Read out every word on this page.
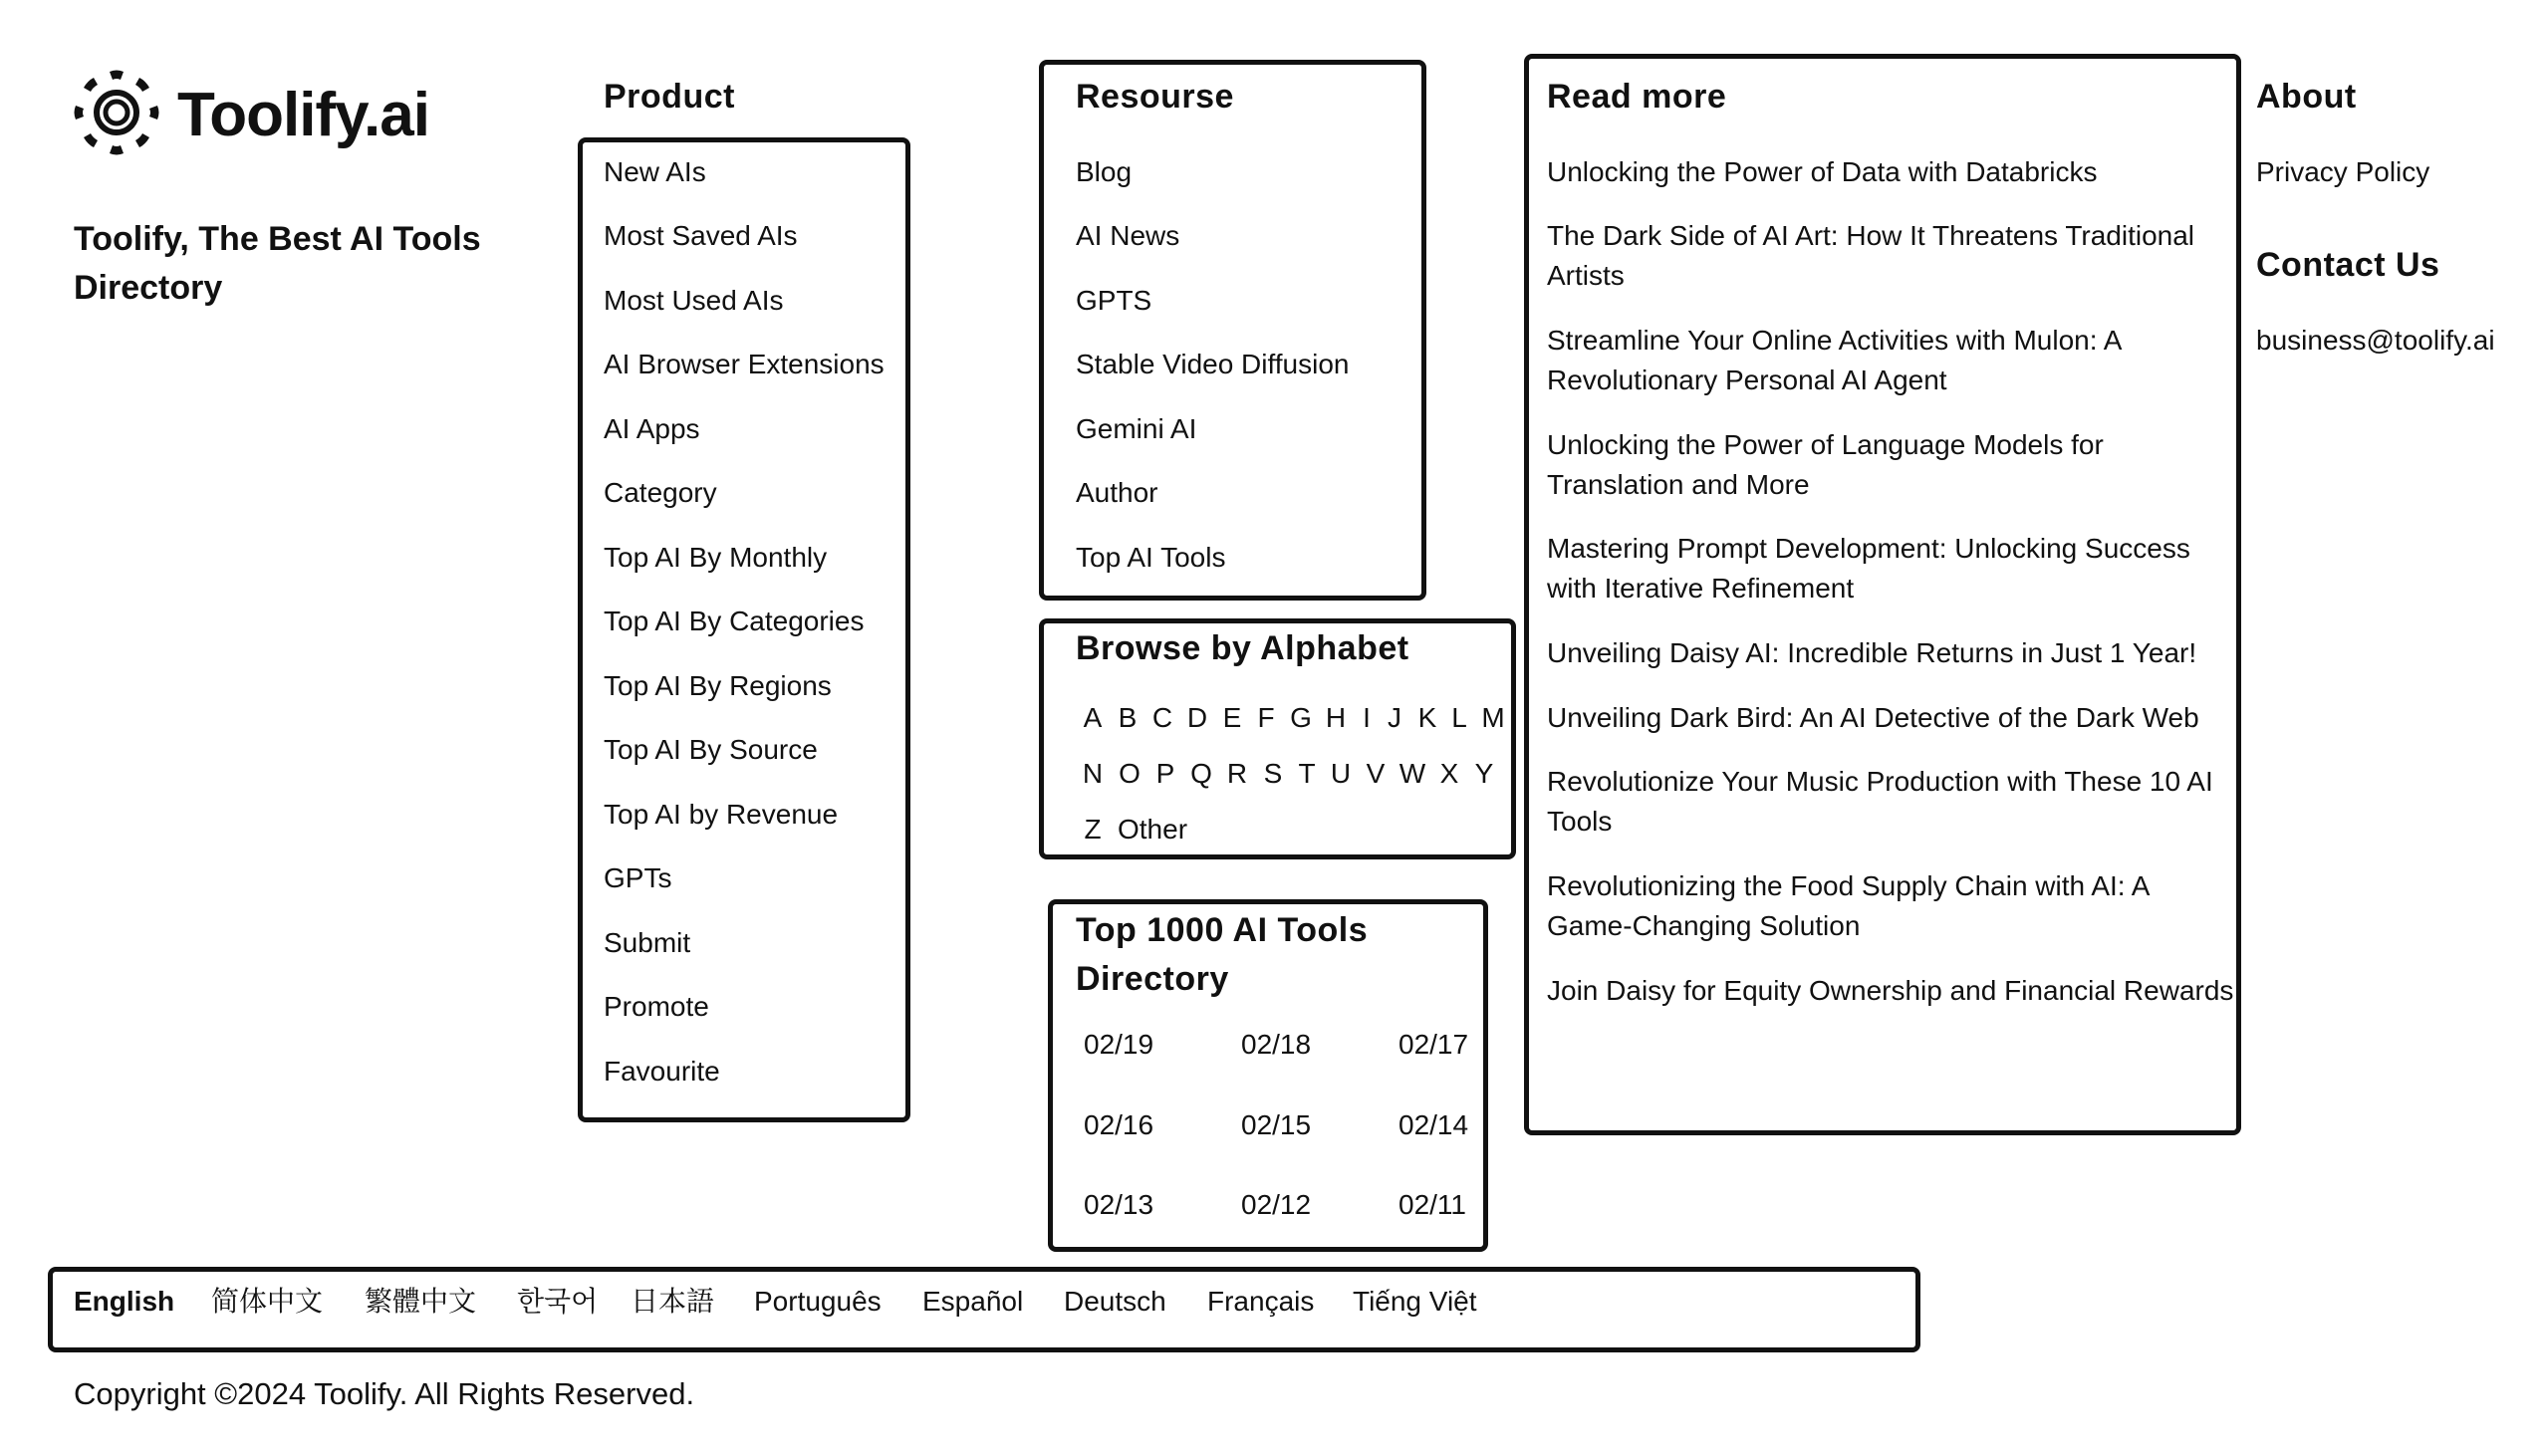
Toolify.ai
Toolify, The Best AI Tools Directory
Product
New AIs
Most Saved AIs
Most Used AIs
AI Browser Extensions
AI Apps
Category
Top AI By Monthly
Top AI By Categories
Top AI By Regions
Top AI By Source
Top AI by Revenue
GPTs
Submit
Promote
Favourite
Resourse
Blog
AI News
GPTS
Stable Video Diffusion
Gemini AI
Author
Top AI Tools
Browse by Alphabet
A B C D E F G H I J K L M
N O P Q R S T U V W X Y
Z Other
Top 1000 AI Tools Directory
02/19	02/18	02/17
02/16	02/15	02/14
02/13	02/12	02/11
Read more
Unlocking the Power of Data with Databricks
The Dark Side of AI Art: How It Threatens Traditional Artists
Streamline Your Online Activities with Mulon: A Revolutionary Personal AI Agent
Unlocking the Power of Language Models for Translation and More
Mastering Prompt Development: Unlocking Success with Iterative Refinement
Unveiling Daisy AI: Incredible Returns in Just 1 Year!
Unveiling Dark Bird: An AI Detective of the Dark Web
Revolutionize Your Music Production with These 10 AI Tools
Revolutionizing the Food Supply Chain with AI: A Game-Changing Solution
Join Daisy for Equity Ownership and Financial Rewards
About
Privacy Policy
Contact Us
business@toolify.ai
English 简体中文 繁體中文 한국어 日本語 Português Español Deutsch Français Tiếng Việt
Copyright ©2024 Toolify. All Rights Reserved.
